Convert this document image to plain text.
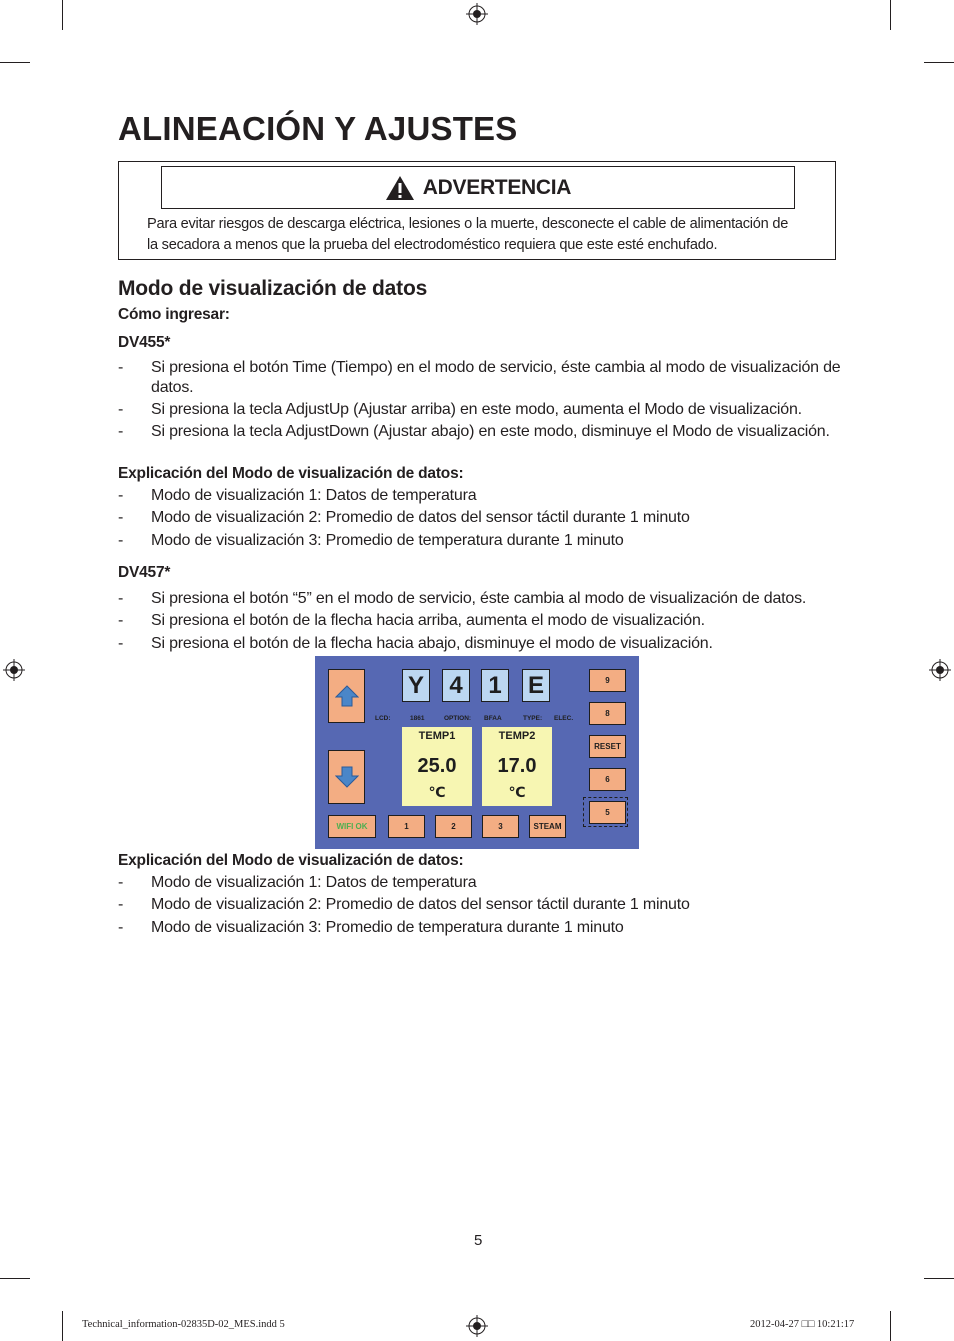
ALINEACIÓN Y AJUSTES
ADVERTENCIA
Para evitar riesgos de descarga eléctrica, lesiones o la muerte, desconecte el cable de alimentación de
la secadora a menos que la prueba del electrodoméstico requiera que este esté enchufado.
Modo de visualización de datos
Cómo ingresar:
DV455*
- Si presiona el botón Time (Tiempo) en el modo de servicio, éste cambia al modo de visualización de datos.
- Si presiona la tecla AdjustUp (Ajustar arriba) en este modo, aumenta el Modo de visualización.
- Si presiona la tecla AdjustDown (Ajustar abajo) en este modo, disminuye el Modo de visualización.
Explicación del Modo de visualización de datos:
- Modo de visualización 1: Datos de temperatura
- Modo de visualización 2: Promedio de datos del sensor táctil durante 1 minuto
- Modo de visualización 3: Promedio de temperatura durante 1 minuto
DV457*
- Si presiona el botón “5” en el modo de servicio, éste cambia al modo de visualización de datos.
- Si presiona el botón de la flecha hacia arriba, aumenta el modo de visualización.
- Si presiona el botón de la flecha hacia abajo, disminuye el modo de visualización.
Y	4	1	E
LCD:	1861	OPTION: BFAA	TYPE: ELEC.
TEMP1
25.0
℃
TEMP2
17.0
℃
9
8
RESET
6
5
WIFI OK	1	2	3	STEAM
Explicación del Modo de visualización de datos:
- Modo de visualización 1: Datos de temperatura
- Modo de visualización 2: Promedio de datos del sensor táctil durante 1 minuto
- Modo de visualización 3: Promedio de temperatura durante 1 minuto
5
Technical_information-02835D-02_MES.indd 5	2012-04-27 □□ 10:21:17
